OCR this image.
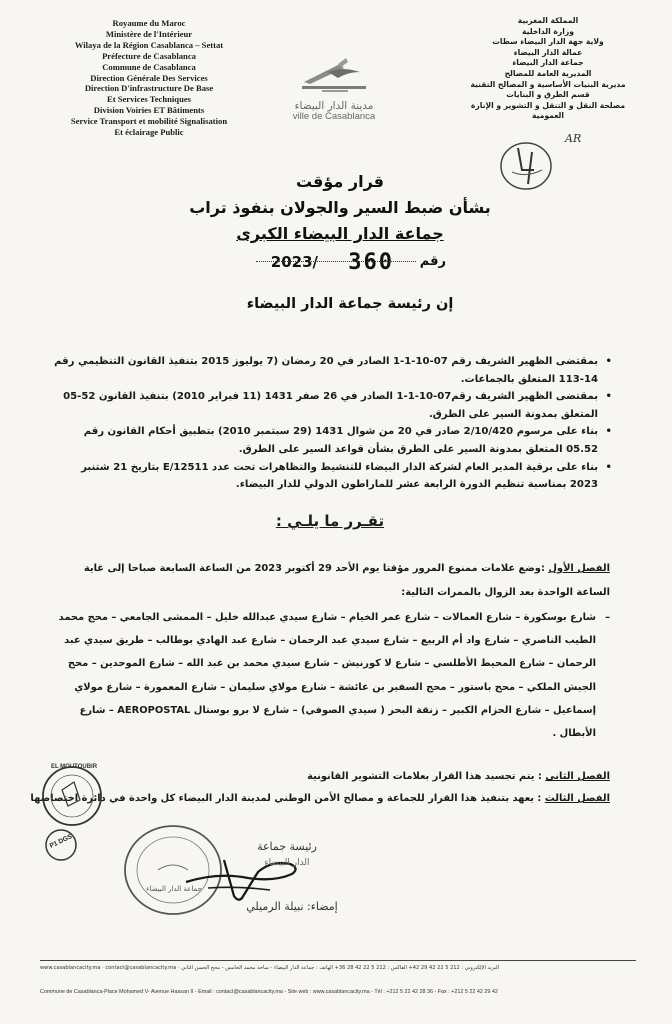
Royaume du Maroc
Ministère de l'Intérieur
Wilaya de la Région Casablanca – Settat
Préfecture de Casablanca
Commune de Casablanca
Direction Générale Des Services
Direction D'infrastructure De Base
Et Services Techniques
Division Voiries ET Bâtiments
Service Transport et mobilité Signalisation
Et éclairage Public
المملكة المغربية
وزارة الداخلية
ولاية جهة الدار البيضاء سطات
عمالة الدار البيضاء
جماعة الدار البيضاء
المديرية العامة للمصالح
مديرية البنيات الأساسية و المصالح التقنية
قسم الطرق و البنايات
مصلحة النقل و التنقل و التشوير و الإنارة العمومية
مدينة الدار البيضاء
ville de Casablanca
AR
قرار مؤقت
بشأن ضبط السير والجولان بنفوذ تراب
جماعة الدار البيضاء الكبرى
رقم
360
2023/
إن رئيسة جماعة الدار البيضاء
• بمقتضى الظهير الشريف رقم 07-10-1-1 الصادر في 20 رمضان (7 يوليوز 2015 بتنفيذ القانون التنظيمي رقم 14-113 المتعلق بالجماعات.
• بمقتضى الظهير الشريف رقم07-10-1-1 الصادر في 26 صفر 1431 (11 فبراير 2010) بتنفيذ القانون 52-05 المتعلق بمدونة السير على الطرق.
• بناء على مرسوم 2/10/420 صادر في 20 من شوال 1431 (29 سبتمبر 2010) بتطبيق أحكام القانون رقم 05.52 المتعلق بمدونة السير على الطرق بشأن قواعد السير على الطرق.
• بناء على برقية المدير العام لشركة الدار البيضاء للتنشيط والتظاهرات تحت عدد E/12511 بتاريخ 21 شتنبر 2023 بمناسبة تنظيم الدورة الرابعة عشر للماراطون الدولي للدار البيضاء.
تقـرر ما يلـي :
الفصل الأول :وضع علامات ممنوع المرور مؤقتا يوم الأحد 29 أكتوبر 2023 من الساعة السابعة صباحا إلى غاية الساعة الواحدة بعد الزوال بالممرات التالية:
شارع بوسكورة – شارع العمالات – شارع عمر الخيام – شارع سيدي عبدالله خليل – الممشى الجامعي – محج محمد الطيب الناصري – شارع واد أم الربيع – شارع سيدي عبد الرحمان – شارع عبد الهادي بوطالب – طريق سيدي عبد الرحمان – شارع المحيط الأطلسي – شارع لا كورنيش – شارع سيدي محمد بن عبد الله – شارع الموحدين – محج الجيش الملكي – محج باستور – محج السفير بن عائشة – شارع مولاي سليمان – شارع المعمورة – شارع مولاي إسماعيل – شارع الحزام الكبير – زنقة البحر ( سيدي الصوفي) – شارع لا برو بوستال AEROPOSTAL – شارع الأبطال .
–
الفصل الثاني : يتم تجسيد هذا القرار بعلامات التشوير القانونية
الفصل الثالث : يعهد بتنفيذ هذا القرار للجماعة و مصالح الأمن الوطني لمدينة الدار البيضاء كل واحدة في دائرة اختصاصها
EL MOUTOUBIR
P1 DGS
جماعة الدار البيضاء
رئيسة جماعة
الدار البيضاء
إمضاء: نبيلة الرميلي
www.casablancacity.ma · contact@casablancacity.ma · البريد الإلكتروني : 212 5 22 42 29 42+ الفاكس : 212 5 22 42 28 36+ الهاتف : جماعة الدار البيضاء - ساحة محمد الخامس - محج الحسن الثاني
Commune de Casablanca-Place Mohamed V- Avenue Hassan II - Email : contact@casablancacity.ma - Site web : www.casablancacity.ma - Tél : +212 5 22 42 28 36 - Fax : +212 5 22 42 29 42
